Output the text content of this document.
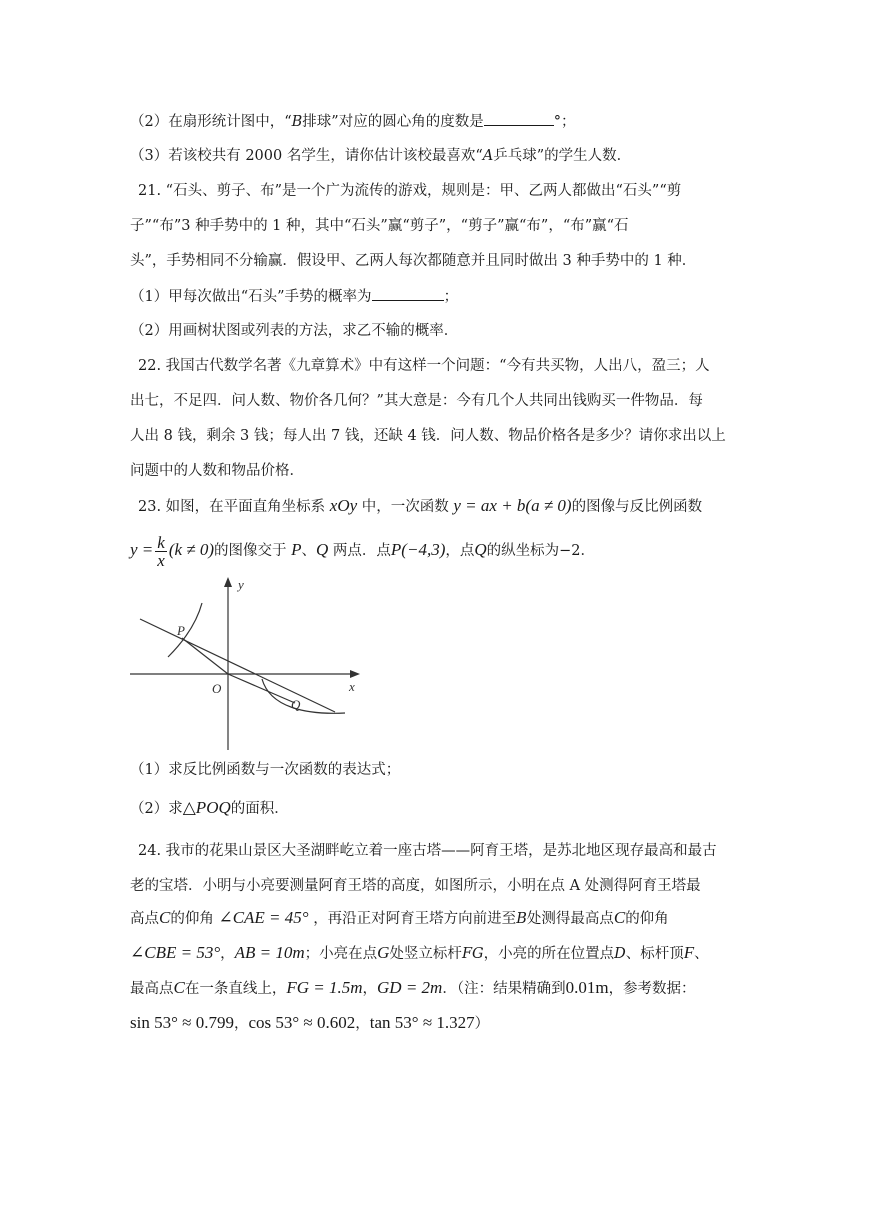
（2）在扇形统计图中，“B排球”对应的圆心角的度数是	°；
（3）若该校共有 2000 名学生，请你估计该校最喜欢“A乒乓球”的学生人数．
21. “石头、剪子、布”是一个广为流传的游戏，规则是：甲、乙两人都做出“石头”“剪
子”“布”3 种手势中的 1 种，其中“石头”赢“剪子”，“剪子”赢“布”，“布”赢“石
头”，手势相同不分输赢．假设甲、乙两人每次都随意并且同时做出 3 种手势中的 1 种．
（1）甲每次做出“石头”手势的概率为	；
（2）用画树状图或列表的方法，求乙不输的概率．
22. 我国古代数学名著《九章算术》中有这样一个问题：“今有共买物，人出八，盈三；人
出七，不足四．问人数、物价各几何？”其大意是：今有几个人共同出钱购买一件物品．每
人出 8 钱，剩余 3 钱；每人出 7 钱，还缺 4 钱．问人数、物品价格各是多少？请你求出以上
问题中的人数和物品价格．
23. 如图，在平面直角坐标系 xOy 中，一次函数 y = ax + b(a ≠ 0)的图像与反比例函数
$y = \frac{k}{x} (k \ne 0)$的图像交于 P、Q 两点．点P(−4,3)，点Q的纵坐标为−2．
y
x
O
P
Q
（1）求反比例函数与一次函数的表达式；
（2）求△POQ的面积．
24. 我市的花果山景区大圣湖畔屹立着一座古塔——阿育王塔，是苏北地区现存最高和最古
老的宝塔．小明与小亮要测量阿育王塔的高度，如图所示，小明在点 A 处测得阿育王塔最
高点C的仰角 ∠CAE = 45° ，再沿正对阿育王塔方向前进至B处测得最高点C的仰角
∠CBE = 53°，AB = 10m；小亮在点G处竖立标杆FG，小亮的所在位置点D、标杆顶F、
最高点C在一条直线上，FG = 1.5m，GD = 2m．（注：结果精确到0.01m，参考数据：
sin 53° ≈ 0.799，cos 53° ≈ 0.602，tan 53° ≈ 1.327）
